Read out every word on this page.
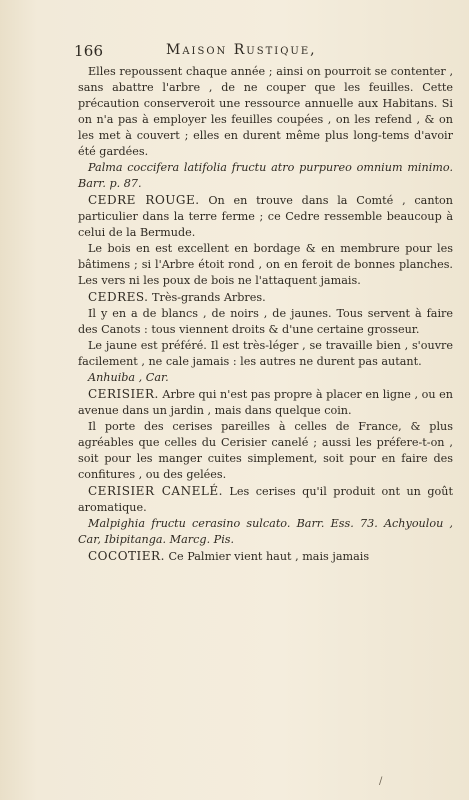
166	Maison Rustique,

Elles repoussent chaque année ; ainsi on pourroit se contenter , sans abattre l'arbre , de ne couper que les feuilles. Cette précaution conserveroit une ressource annuelle aux Habitans. Si on n'a pas à employer les feuilles coupées , on les refend , & on les met à couvert ; elles en durent même plus long-tems d'avoir été gardées.

Palma coccifera latifolia fructu atro purpureo omnium minimo. Barr. p. 87.

CEDRE ROUGE. On en trouve dans la Comté , canton particulier dans la terre ferme ; ce Cedre ressemble beaucoup à celui de la Bermude.

Le bois en est excellent en bordage & en membrure pour les bâtimens ; si l'Arbre étoit rond , on en feroit de bonnes planches. Les vers ni les poux de bois ne l'attaquent jamais.

CEDRES. Très-grands Arbres.

Il y en a de blancs , de noirs , de jaunes. Tous servent à faire des Canots : tous viennent droits & d'une certaine grosseur.

Le jaune est préféré. Il est très-léger , se travaille bien , s'ouvre facilement , ne cale jamais : les autres ne durent pas autant.

Anhuiba , Car.

CERISIER. Arbre qui n'est pas propre à placer en ligne , ou en avenue dans un jardin , mais dans quelque coin.

Il porte des cerises pareilles à celles de France, & plus agréables que celles du Cerisier canelé ; aussi les préfere-t-on , soit pour les manger cuites simplement, soit pour en faire des confitures , ou des gelées.

CERISIER CANELÉ. Les cerises qu'il produit ont un goût aromatique.

Malpighia fructu cerasino sulcato. Barr. Ess. 73. Achyoulou , Car, Ibipitanga. Marcg. Pis.

COCOTIER. Ce Palmier vient haut , mais jamais

/
